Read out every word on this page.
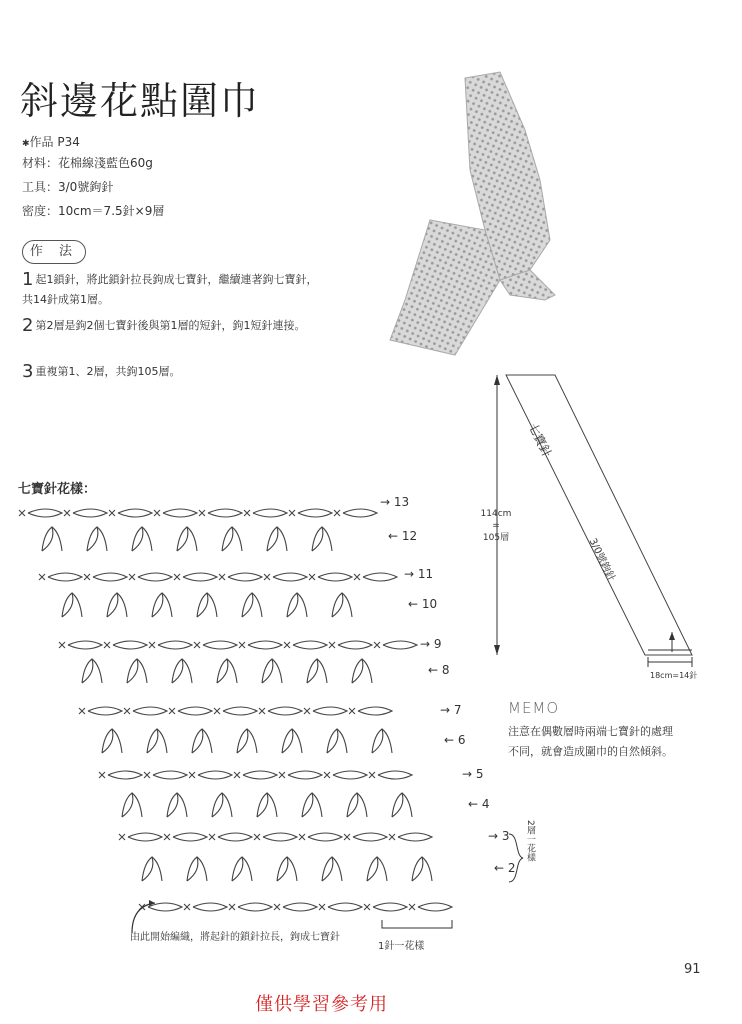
斜邊花點圍巾
✱作品 P34
材料：花棉線淺藍色60g
工具：3/0號鉤針
密度：10cm＝7.5針×9層
作 法
1 起1鎖針，將此鎖針拉長鉤成七寶針，繼續連著鉤七寶針，共14針成第1層。
2 第2層是鉤2個七寶針後與第1層的短針，鉤1短針連接。
3 重複第1、2層，共鉤105層。
七寶針花樣：
→ 13
← 12
→ 11
← 10
→ 9
← 8
→ 7
← 6
→ 5
← 4
→ 3
← 2
由此開始編織，將起針的鎖針拉長，鉤成七寶針
1針一花樣
2層一花樣
114cm
=
105層
七寶針
3/0號鉤針
18cm=14針
MEMO
注意在偶數層時兩端七寶針的處理不同，就會造成圍巾的自然傾斜。
91
僅供學習參考用
